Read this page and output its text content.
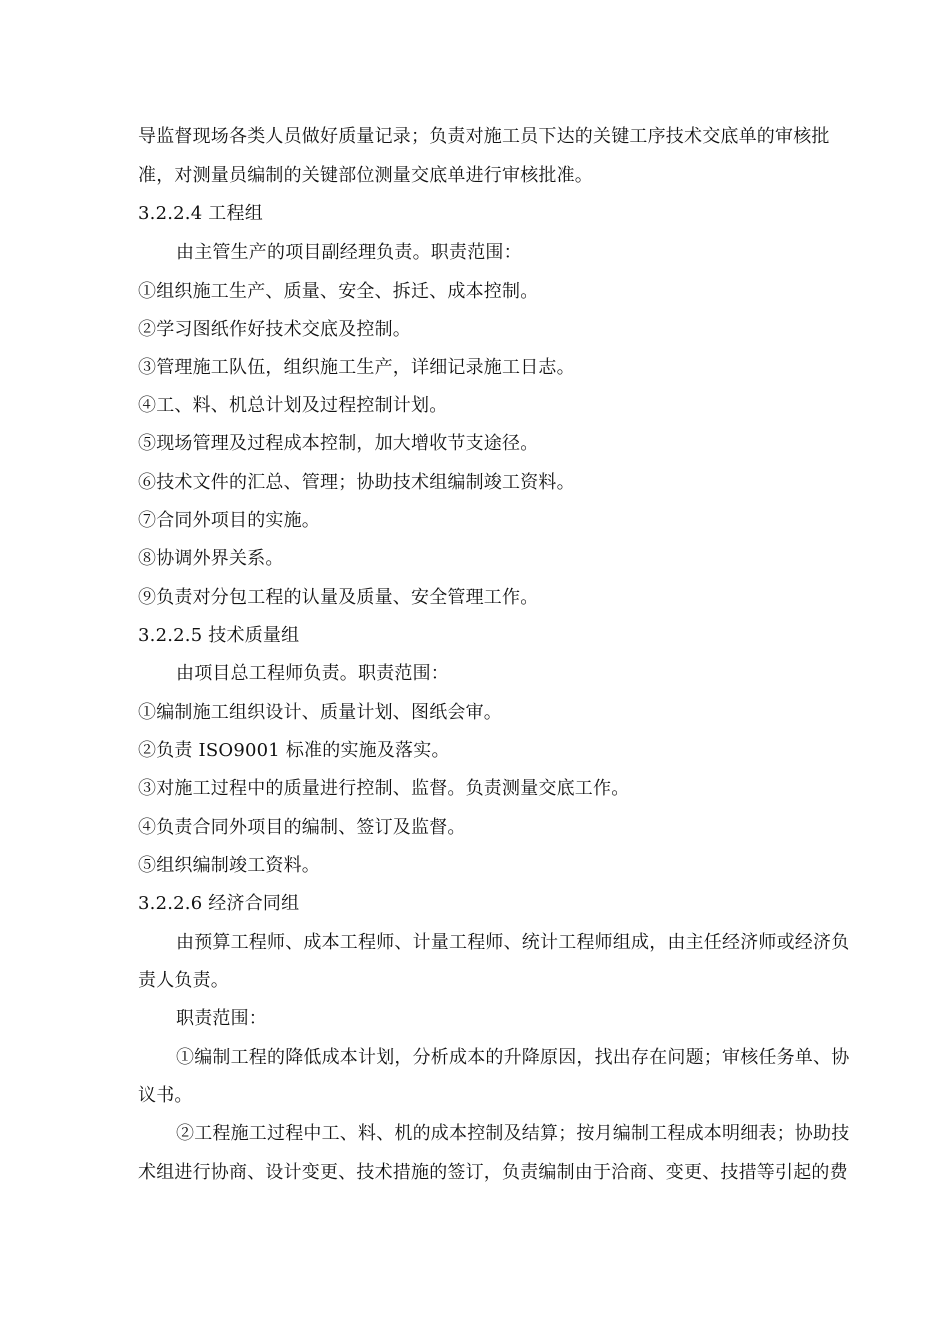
导监督现场各类人员做好质量记录；负责对施工员下达的关键工序技术交底单的审核批
准，对测量员编制的关键部位测量交底单进行审核批准。
3.2.2.4 工程组
由主管生产的项目副经理负责。职责范围：
①组织施工生产、质量、安全、拆迁、成本控制。
②学习图纸作好技术交底及控制。
③管理施工队伍，组织施工生产，详细记录施工日志。
④工、料、机总计划及过程控制计划。
⑤现场管理及过程成本控制，加大增收节支途径。
⑥技术文件的汇总、管理；协助技术组编制竣工资料。
⑦合同外项目的实施。
⑧协调外界关系。
⑨负责对分包工程的认量及质量、安全管理工作。
3.2.2.5 技术质量组
由项目总工程师负责。职责范围：
①编制施工组织设计、质量计划、图纸会审。
②负责 ISO9001 标准的实施及落实。
③对施工过程中的质量进行控制、监督。负责测量交底工作。
④负责合同外项目的编制、签订及监督。
⑤组织编制竣工资料。
3.2.2.6 经济合同组
由预算工程师、成本工程师、计量工程师、统计工程师组成，由主任经济师或经济负
责人负责。
职责范围：
①编制工程的降低成本计划，分析成本的升降原因，找出存在问题；审核任务单、协
议书。
②工程施工过程中工、料、机的成本控制及结算；按月编制工程成本明细表；协助技
术组进行协商、设计变更、技术措施的签订，负责编制由于洽商、变更、技措等引起的费
